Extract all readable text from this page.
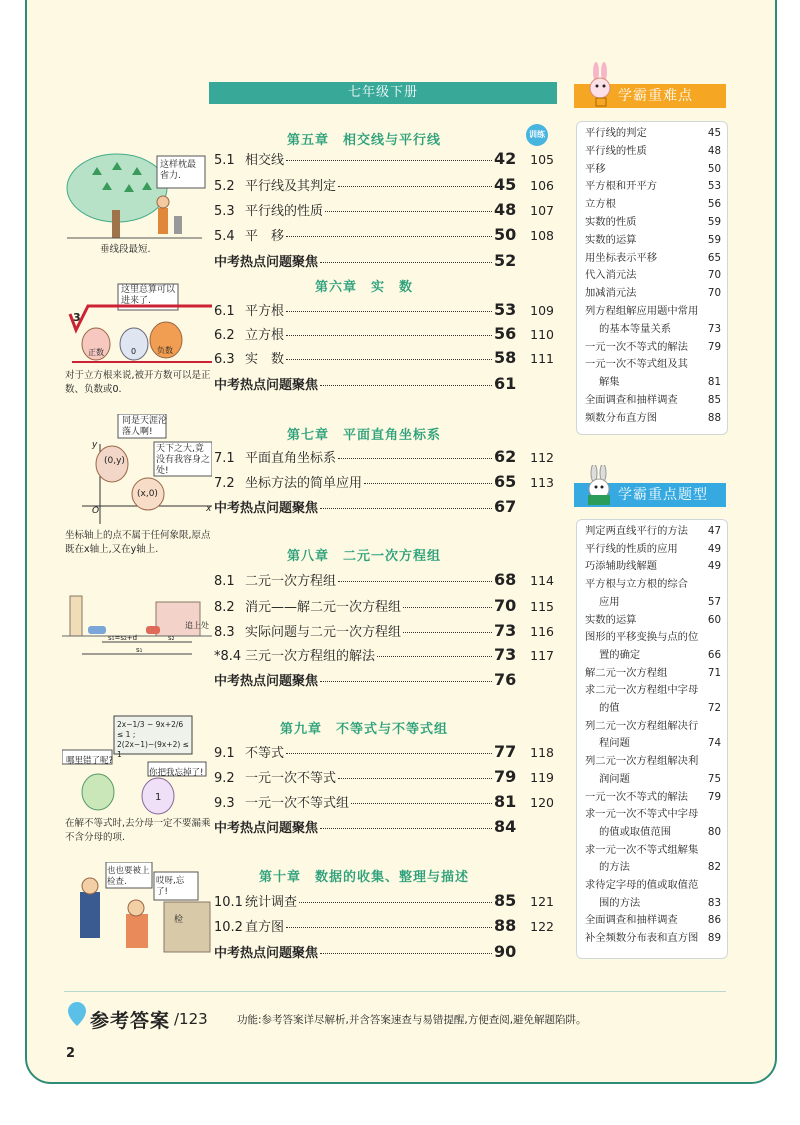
七年级下册
训练
第五章　相交线与平行线
5.1 相交线	42	105
5.2 平行线及其判定	45	106
5.3 平行线的性质	48	107
5.4 平　移	50	108
中考热点问题聚焦	52
第六章　实　数
6.1 平方根	53	109
6.2 立方根	56	110
6.3 实　数	58	111
中考热点问题聚焦	61
第七章　平面直角坐标系
7.1 平面直角坐标系	62	112
7.2 坐标方法的简单应用	65	113
中考热点问题聚焦	67
第八章　二元一次方程组
8.1 二元一次方程组	68	114
8.2 消元——解二元一次方程组	70	115
8.3 实际问题与二元一次方程组	73	116
*8.4 三元一次方程组的解法	73	117
中考热点问题聚焦	76
第九章　不等式与不等式组
9.1 不等式	77	118
9.2 一元一次不等式	79	119
9.3 一元一次不等式组	81	120
中考热点问题聚焦	84
第十章　数据的收集、整理与描述
10.1 统计调查	85	121
10.2 直方图	88	122
中考热点问题聚焦	90
学霸重难点
平行线的判定	45
平行线的性质	48
平移	50
平方根和开平方	53
立方根	56
实数的性质	59
实数的运算	59
用坐标表示平移	65
代入消元法	70
加减消元法	70
列方程组解应用题中常用
的基本等量关系	73
一元一次不等式的解法 79
一元一次不等式组及其
解集	81
全面调查和抽样调查	85
频数分布直方图	88
学霸重点题型
判定两直线平行的方法 47
平行线的性质的应用	49
巧添辅助线解题	49
平方根与立方根的综合
应用	57
实数的运算	60
图形的平移变换与点的位
置的确定	66
解二元一次方程组	71
求二元一次方程组中字母
的值	72
列二元一次方程组解决行
程问题	74
列二元一次方程组解决利
润问题	75
一元一次不等式的解法 79
求一元一次不等式中字母
的值或取值范围	80
求一元一次不等式组解集
的方法	82
求待定字母的值或取值范
围的方法	83
全面调查和抽样调查	86
补全频数分布表和直方图 89
这样枕最省力.
垂线段最短.
这里总算可以进来了.
3
正数	0	负数
对于立方根来说,被开方数可以是正数、负数或0.
同是天涯沦落人啊!
天下之大,竟没有我容身之处!
(0,y)
(x,0)
y
x
O
坐标轴上的点不属于任何象限,原点既在x轴上,又在y轴上.
追上处
s₁=s₂+d	s₂
s₁
2x−1/3 − 9x+2/6 ≤ 1 ; 2(2x−1)−(9x+2) ≤ 1
哪里错了呢?
你把我忘掉了!
1
在解不等式时,去分母一定不要漏乘不含分母的项.
也也要被上检查.	哎呀,忘了!
检
参考答案 /123	功能:参考答案详尽解析,并含答案速查与易错提醒,方便查阅,避免解题陷阱。
2
